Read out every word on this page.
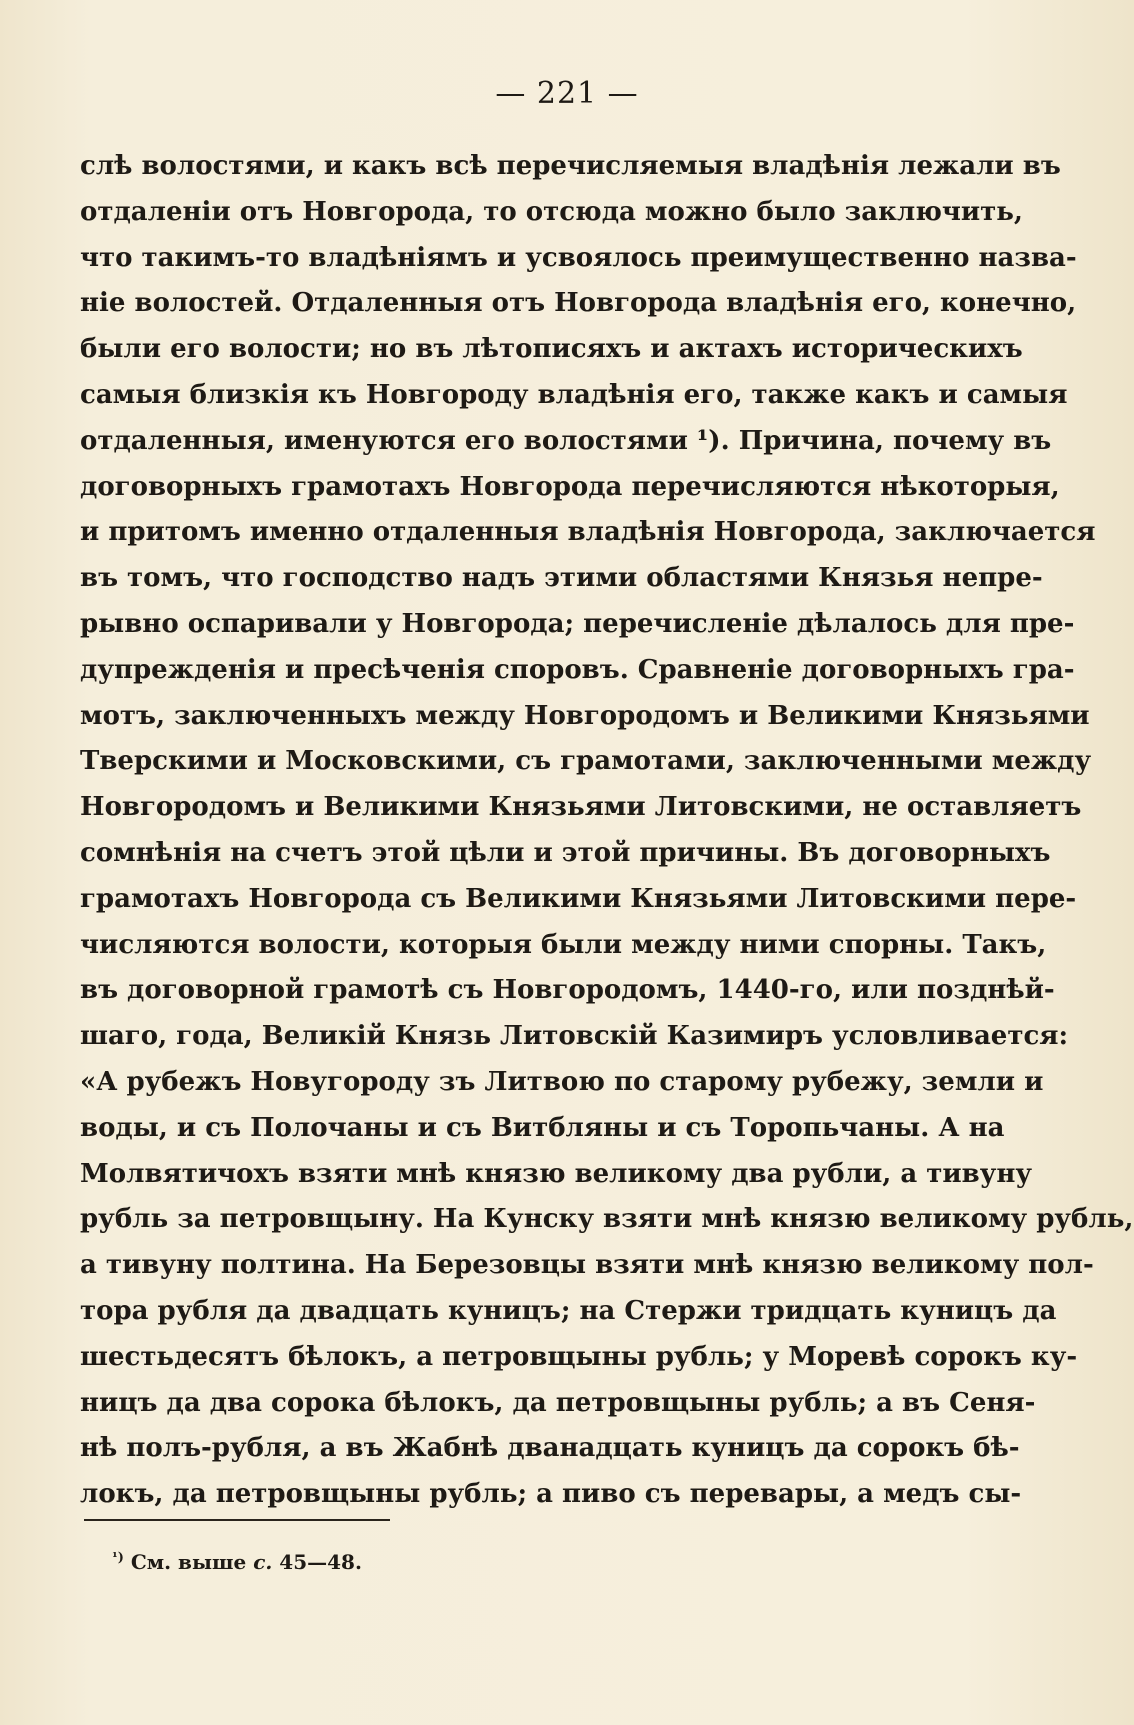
— 221 —
слѣ волостями, и какъ всѣ перечисляемыя владѣнія лежали въ
отдаленіи отъ Новгорода, то отсюда можно было заключить,
что такимъ-то владѣніямъ и усвоялось преимущественно назва-
ніе волостей. Отдаленныя отъ Новгорода владѣнія его, конечно,
были его волости; но въ лѣтописяхъ и актахъ историческихъ
самыя близкія къ Новгороду владѣнія его, также какъ и самыя
отдаленныя, именуются его волостями ¹). Причина, почему въ
договорныхъ грамотахъ Новгорода перечисляются нѣкоторыя,
и притомъ именно отдаленныя владѣнія Новгорода, заключается
въ томъ, что господство надъ этими областями Князья непре-
рывно оспаривали у Новгорода; перечисленіе дѣлалось для пре-
дупрежденія и пресѣченія споровъ. Сравненіе договорныхъ гра-
мотъ, заключенныхъ между Новгородомъ и Великими Князьями
Тверскими и Московскими, съ грамотами, заключенными между
Новгородомъ и Великими Князьями Литовскими, не оставляетъ
сомнѣнія на счетъ этой цѣли и этой причины. Въ договорныхъ
грамотахъ Новгорода съ Великими Князьями Литовскими пере-
числяются волости, которыя были между ними спорны. Такъ,
въ договорной грамотѣ съ Новгородомъ, 1440-го, или позднѣй-
шаго, года, Великій Князь Литовскій Казимиръ условливается:
«А рубежъ Новугороду зъ Литвою по старому рубежу, земли и
воды, и съ Полочаны и съ Витбляны и съ Торопьчаны. А на
Молвятичохъ взяти мнѣ князю великому два рубли, а тивуну
рубль за петровщыну. На Кунску взяти мнѣ князю великому рубль,
а тивуну полтина. На Березовцы взяти мнѣ князю великому пол-
тора рубля да двадцать куницъ; на Стержи тридцать куницъ да
шестьдесятъ бѣлокъ, а петровщыны рубль; у Моревѣ сорокъ ку-
ницъ да два сорока бѣлокъ, да петровщыны рубль; а въ Сеня-
нѣ полъ-рубля, а въ Жабнѣ дванадцать куницъ да сорокъ бѣ-
локъ, да петровщыны рубль; а пиво съ перевары, а медъ сы-
$^{^1)}$ См. выше с. 45—48.
